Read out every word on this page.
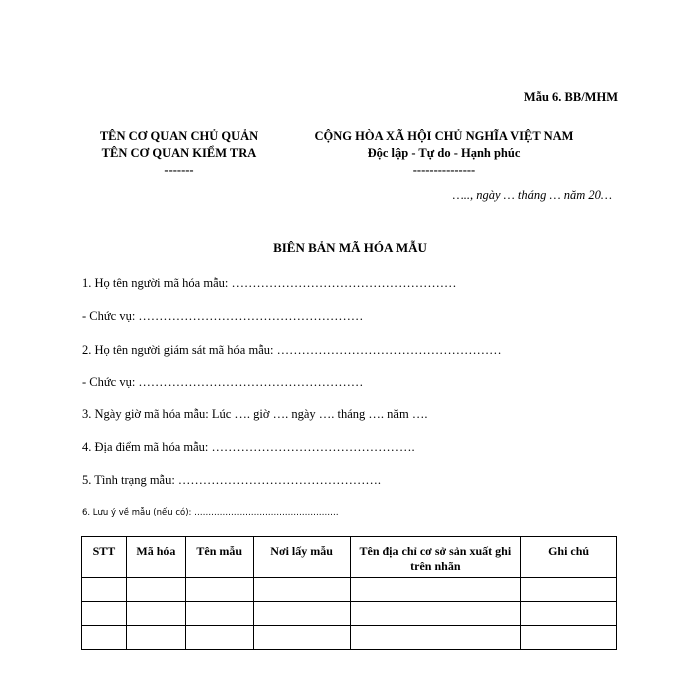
Mẫu 6. BB/MHM
TÊN CƠ QUAN CHỦ QUẢN
TÊN CƠ QUAN KIỂM TRA
-------
CỘNG HÒA XÃ HỘI CHỦ NGHĨA VIỆT NAM
Độc lập - Tự do - Hạnh phúc
---------------
….., ngày … tháng … năm 20…
BIÊN BẢN MÃ HÓA MẪU
1. Họ tên người mã hóa mẫu: ………………………………………………
- Chức vụ: ………………………………………………
2. Họ tên người giám sát mã hóa mẫu: ………………………………………………
- Chức vụ: ………………………………………………
3. Ngày giờ mã hóa mẫu: Lúc …. giờ …. ngày …. tháng …. năm ….
4. Địa điểm mã hóa mẫu: ………………………………………….
5. Tình trạng mẫu: ………………………………………….
6. Lưu ý về mẫu (nếu có): ……………………………………………
STT	Mã hóa	Tên mẫu	Nơi lấy mẫu	Tên địa chỉ cơ sở sản xuất ghi trên nhãn	Ghi chú
